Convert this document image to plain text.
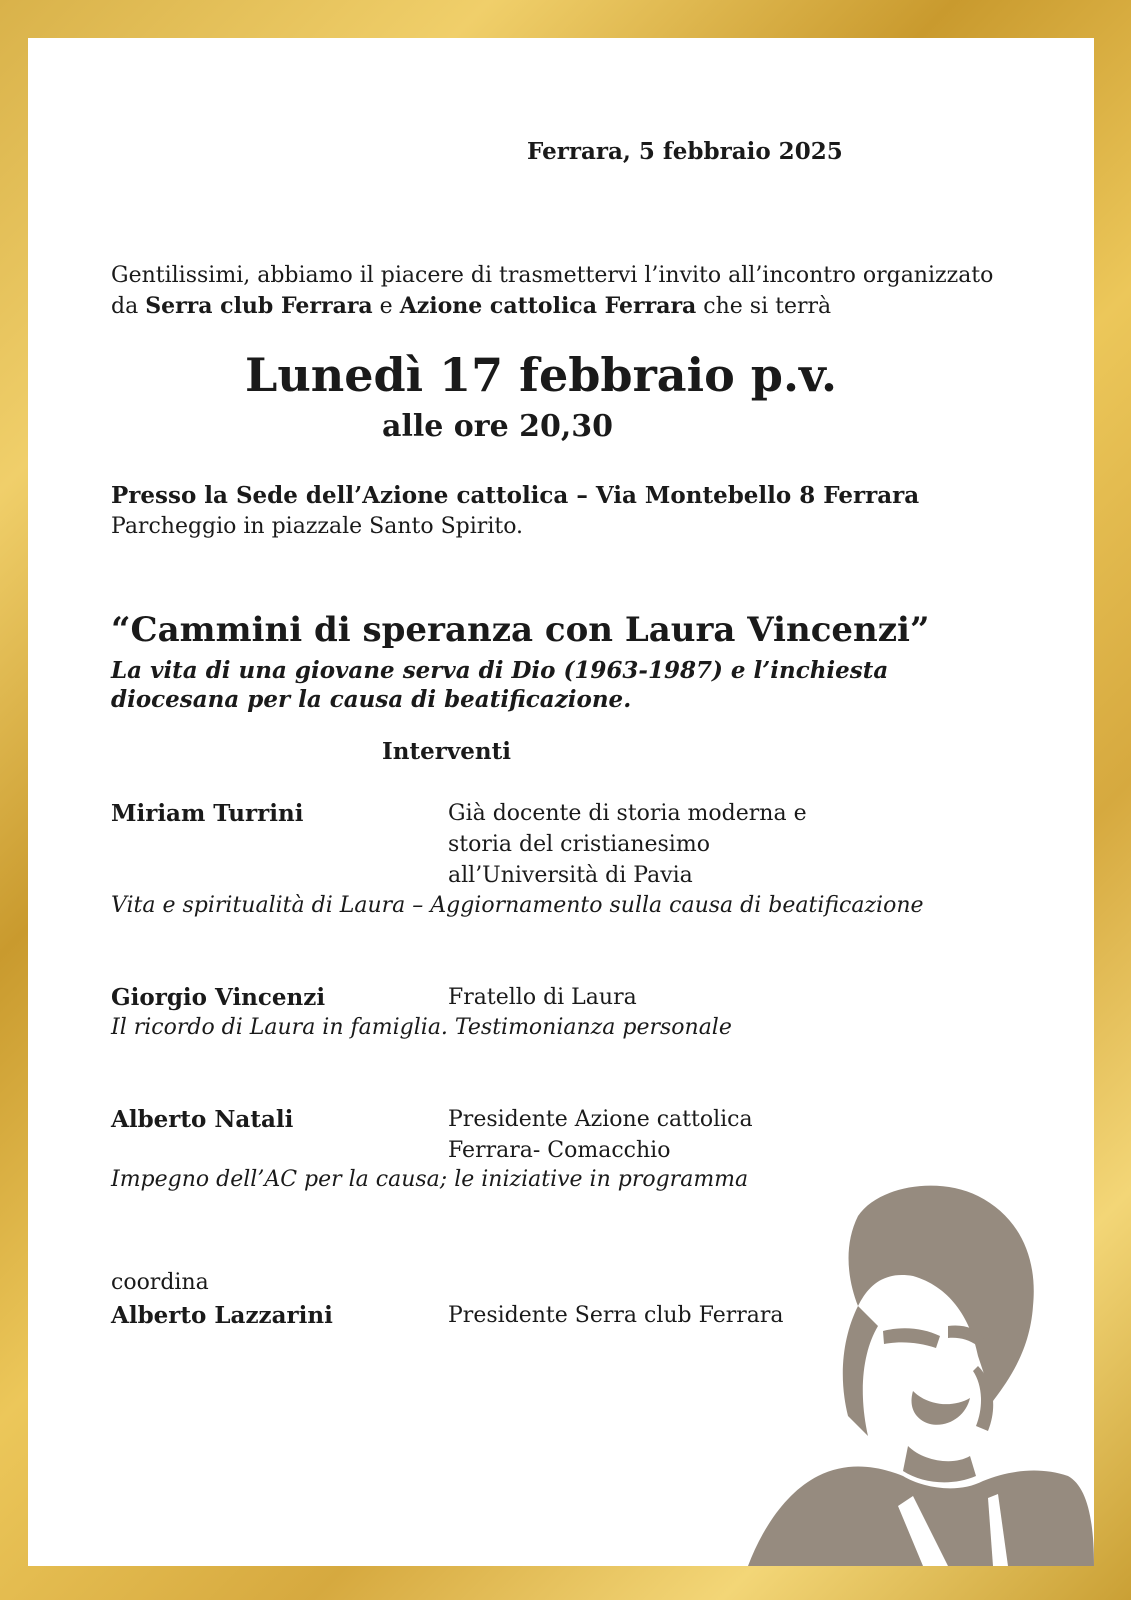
Ferrara, 5 febbraio 2025
Gentilissimi, abbiamo il piacere di trasmettervi l’invito all’incontro organizzato
da Serra club Ferrara e Azione cattolica Ferrara che si terrà
Lunedì 17 febbraio p.v.
alle ore 20,30
Presso la Sede dell’Azione cattolica – Via Montebello 8 Ferrara
Parcheggio in piazzale Santo Spirito.
“Cammini di speranza con Laura Vincenzi”
La vita di una giovane serva di Dio (1963-1987) e l’inchiesta
diocesana per la causa di beatificazione.
Interventi
Miriam Turrini	Già docente di storia moderna e
storia del cristianesimo
all’Università di Pavia
Vita e spiritualità di Laura – Aggiornamento sulla causa di beatificazione
Giorgio Vincenzi	Fratello di Laura
Il ricordo di Laura in famiglia. Testimonianza personale
Alberto Natali	Presidente Azione cattolica
Ferrara- Comacchio
Impegno dell’AC per la causa; le iniziative in programma
coordina
Alberto Lazzarini	Presidente Serra club Ferrara
